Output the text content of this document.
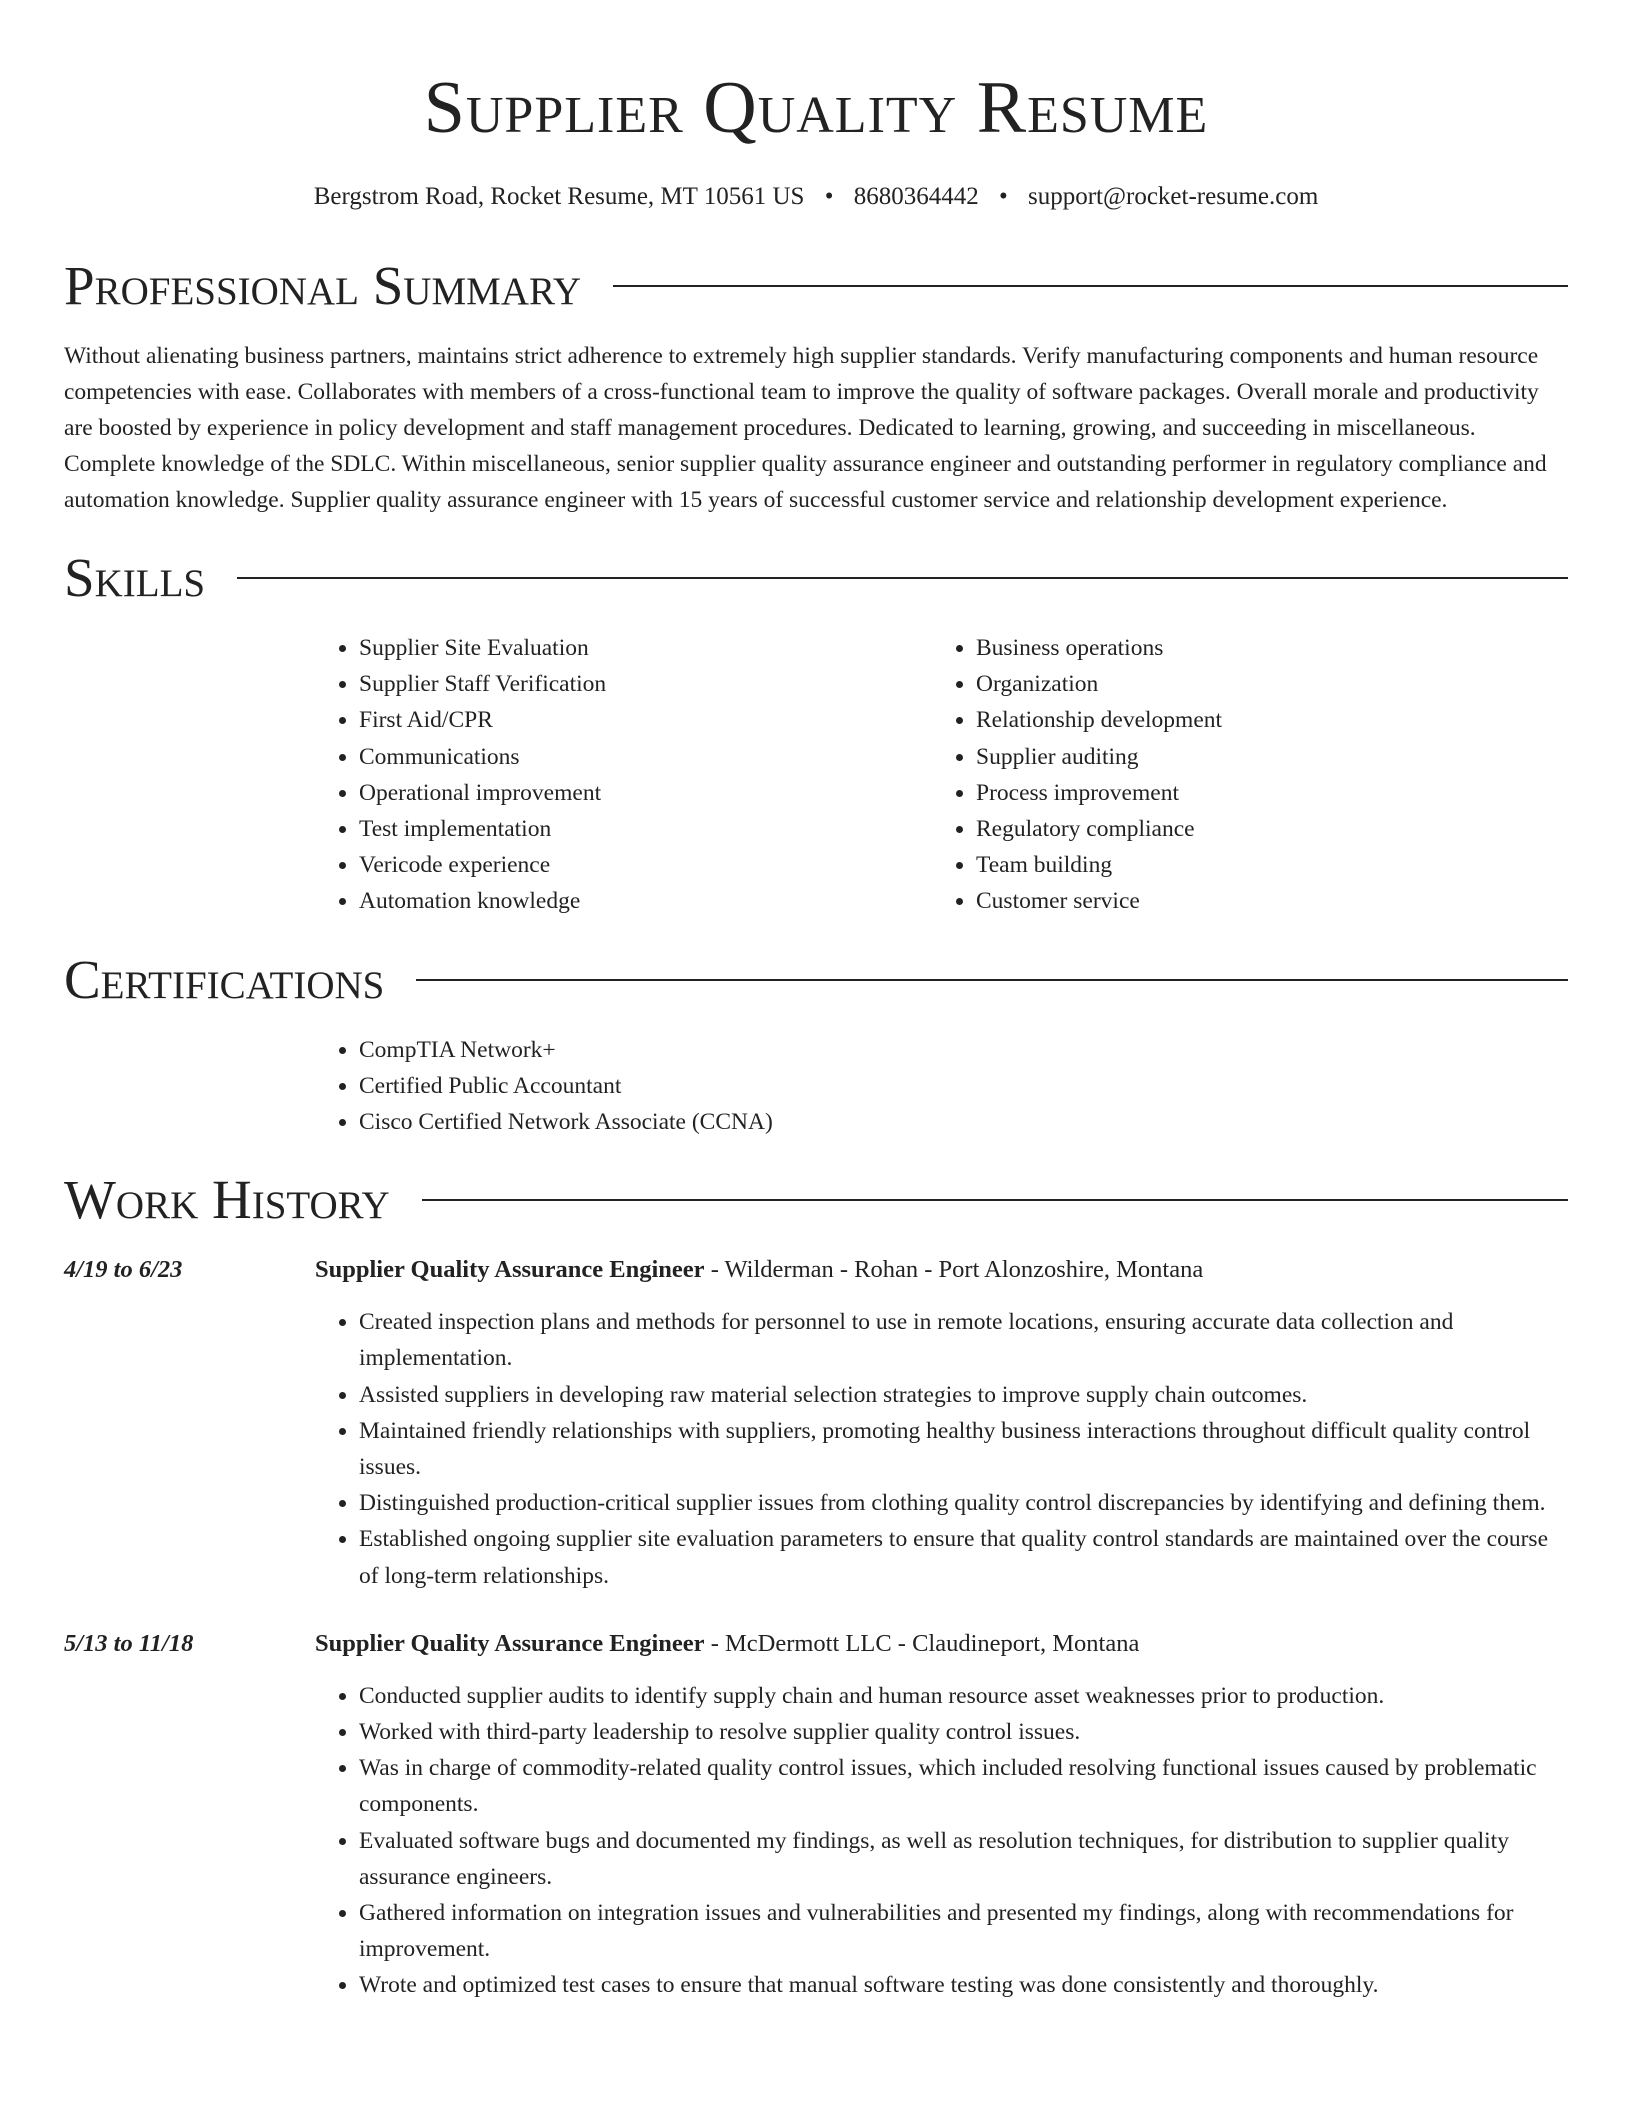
Supplier Quality Resume
Bergstrom Road, Rocket Resume, MT 10561 US • 8680364442 • support@rocket-resume.com
Professional Summary

Without alienating business partners, maintains strict adherence to extremely high supplier standards. Verify manufacturing components and human resource competencies with ease. Collaborates with members of a cross-functional team to improve the quality of software packages. Overall morale and productivity are boosted by experience in policy development and staff management procedures. Dedicated to learning, growing, and succeeding in miscellaneous. Complete knowledge of the SDLC. Within miscellaneous, senior supplier quality assurance engineer and outstanding performer in regulatory compliance and automation knowledge. Supplier quality assurance engineer with 15 years of successful customer service and relationship development experience.

Skills
• Supplier Site Evaluation
• Supplier Staff Verification
• First Aid/CPR
• Communications
• Operational improvement
• Test implementation
• Vericode experience
• Automation knowledge
• Business operations
• Organization
• Relationship development
• Supplier auditing
• Process improvement
• Regulatory compliance
• Team building
• Customer service
Certifications
• CompTIA Network+
• Certified Public Accountant
• Cisco Certified Network Associate (CCNA)
Work History
4/19 to 6/23	Supplier Quality Assurance Engineer - Wilderman - Rohan - Port Alonzoshire, Montana
• Created inspection plans and methods for personnel to use in remote locations, ensuring accurate data collection and implementation.
• Assisted suppliers in developing raw material selection strategies to improve supply chain outcomes.
• Maintained friendly relationships with suppliers, promoting healthy business interactions throughout difficult quality control issues.
• Distinguished production-critical supplier issues from clothing quality control discrepancies by identifying and defining them.
• Established ongoing supplier site evaluation parameters to ensure that quality control standards are maintained over the course of long-term relationships.
5/13 to 11/18	Supplier Quality Assurance Engineer - McDermott LLC - Claudineport, Montana
• Conducted supplier audits to identify supply chain and human resource asset weaknesses prior to production.
• Worked with third-party leadership to resolve supplier quality control issues.
• Was in charge of commodity-related quality control issues, which included resolving functional issues caused by problematic components.
• Evaluated software bugs and documented my findings, as well as resolution techniques, for distribution to supplier quality assurance engineers.
• Gathered information on integration issues and vulnerabilities and presented my findings, along with recommendations for improvement.
• Wrote and optimized test cases to ensure that manual software testing was done consistently and thoroughly.
